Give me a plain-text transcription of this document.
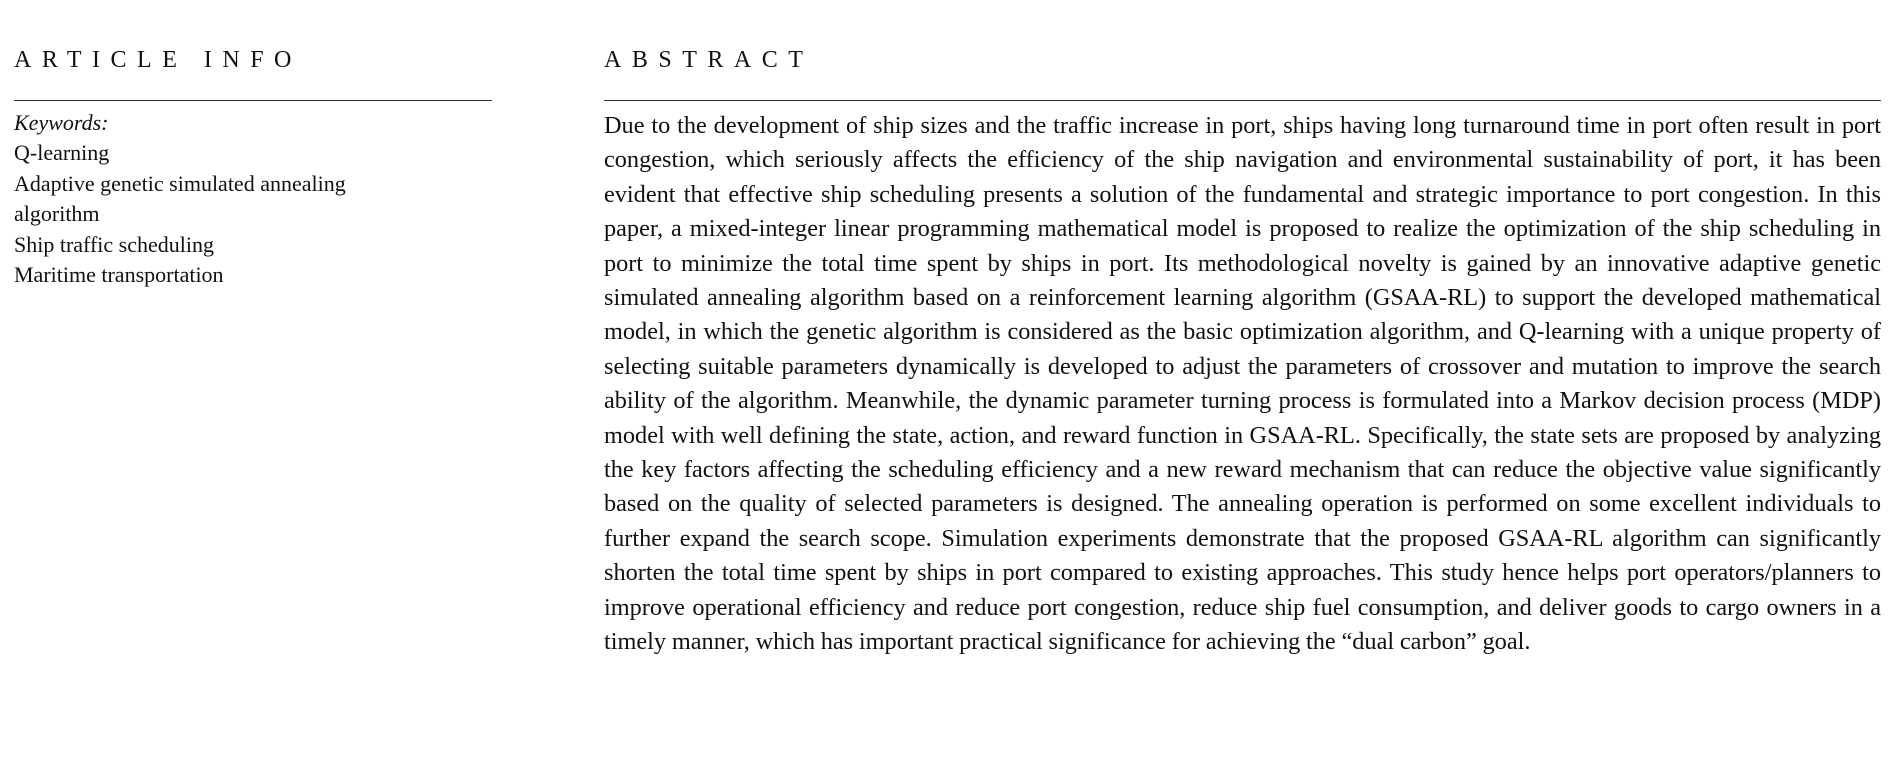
ARTICLE INFO
Keywords:
Q-learning
Adaptive genetic simulated annealing algorithm
Ship traffic scheduling
Maritime transportation
ABSTRACT

Due to the development of ship sizes and the traffic increase in port, ships having long turnaround time in port often result in port congestion, which seriously affects the efficiency of the ship navigation and environmental sustainability of port, it has been evident that effective ship scheduling presents a solution of the fundamental and strategic importance to port congestion. In this paper, a mixed-integer linear programming mathematical model is proposed to realize the optimization of the ship scheduling in port to minimize the total time spent by ships in port. Its methodological novelty is gained by an innovative adaptive genetic simulated annealing algorithm based on a reinforcement learning algorithm (GSAA-RL) to support the developed mathematical model, in which the genetic algorithm is considered as the basic optimization algorithm, and Q-learning with a unique property of selecting suitable parameters dynamically is developed to adjust the parameters of crossover and mutation to improve the search ability of the algorithm. Meanwhile, the dynamic parameter turning process is formulated into a Markov decision process (MDP) model with well defining the state, action, and reward function in GSAA-RL. Specifically, the state sets are proposed by analyzing the key factors affecting the scheduling efficiency and a new reward mechanism that can reduce the objective value significantly based on the quality of selected parameters is designed. The annealing operation is performed on some excellent individuals to further expand the search scope. Simulation experiments demonstrate that the proposed GSAA-RL algorithm can significantly shorten the total time spent by ships in port compared to existing approaches. This study hence helps port operators/planners to improve operational efficiency and reduce port congestion, reduce ship fuel consumption, and deliver goods to cargo owners in a timely manner, which has important practical significance for achieving the “dual carbon” goal.
